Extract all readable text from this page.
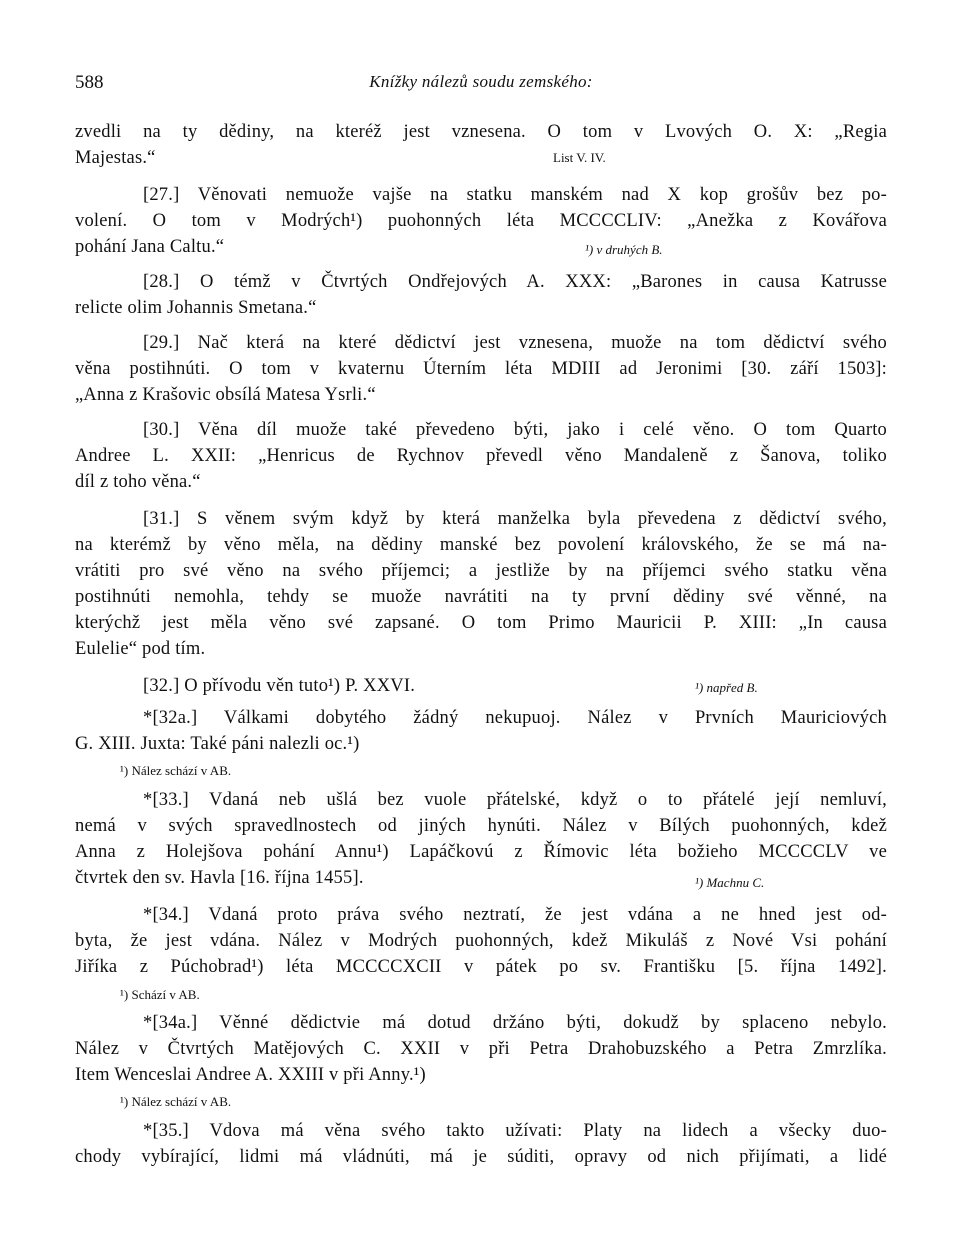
588	Knížky nálezů soudu zemského:
zvedli na ty dědiny, na kteréž jest vznesena. O tom v Lvových O. X: „Regia
Majestas.“	List V. IV.
[27.] Věnovati nemuože vajše na statku manském nad X kop grošův bez po-
volení. O tom v Modrých¹) puohonných léta MCCCCLIV: „Anežka z Kovářova
pohání Jana Caltu.“	¹) v druhých B.
[28.] O témž v Čtvrtých Ondřejových A. XXX: „Barones in causa Katrusse
relicte olim Johannis Smetana.“
[29.] Nač která na které dědictví jest vznesena, muože na tom dědictví svého
věna postihnúti. O tom v kvaternu Úterním léta MDIII ad Jeronimi [30. září 1503]:
„Anna z Krašovic obsílá Matesa Ysrli.“
[30.] Věna díl muože také převedeno býti, jako i celé věno. O tom Quarto
Andree L. XXII: „Henricus de Rychnov převedl věno Mandaleně z Šanova, toliko
díl z toho věna.“
[31.] S věnem svým když by která manželka byla převedena z dědictví svého,
na kterémž by věno měla, na dědiny manské bez povolení královského, že se má na-
vrátiti pro své věno na svého příjemci; a jestliže by na příjemci svého statku věna
postihnúti nemohla, tehdy se muože navrátiti na ty první dědiny své věnné, na
kterýchž jest měla věno své zapsané. O tom Primo Mauricii P. XIII: „In causa
Eulelie“ pod tím.
[32.] O přívodu věn tuto¹) P. XXVI.	¹) napřed B.
*[32a.] Válkami dobytého žádný nekupuoj. Nález v Prvních Mauriciových
G. XIII. Juxta: Také páni nalezli oc.¹)
¹) Nález schází v AB.
*[33.] Vdaná neb ušlá bez vuole přátelské, když o to přátelé její nemluví,
nemá v svých spravedlnostech od jiných hynúti. Nález v Bílých puohonných, kdež
Anna z Holejšova pohání Annu¹) Lapáčkovú z Římovic léta božieho MCCCCLV ve
čtvrtek den sv. Havla [16. října 1455].	¹) Machnu C.
*[34.] Vdaná proto práva svého neztratí, že jest vdána a ne hned jest od-
byta, že jest vdána. Nález v Modrých puohonných, kdež Mikuláš z Nové Vsi pohání
Jiříka z Púchobrad¹) léta MCCCCXCII v pátek po sv. Františku [5. října 1492].
¹) Schází v AB.
*[34a.] Věnné dědictvie má dotud držáno býti, dokudž by splaceno nebylo.
Nález v Čtvrtých Matějových C. XXII v při Petra Drahobuzského a Petra Zmrzlíka.
Item Wenceslai Andree A. XXIII v při Anny.¹)
¹) Nález schází v AB.
*[35.] Vdova má věna svého takto užívati: Platy na lidech a všecky duo-
chody vybírající, lidmi má vládnúti, má je súditi, opravy od nich přijímati, a lidé
